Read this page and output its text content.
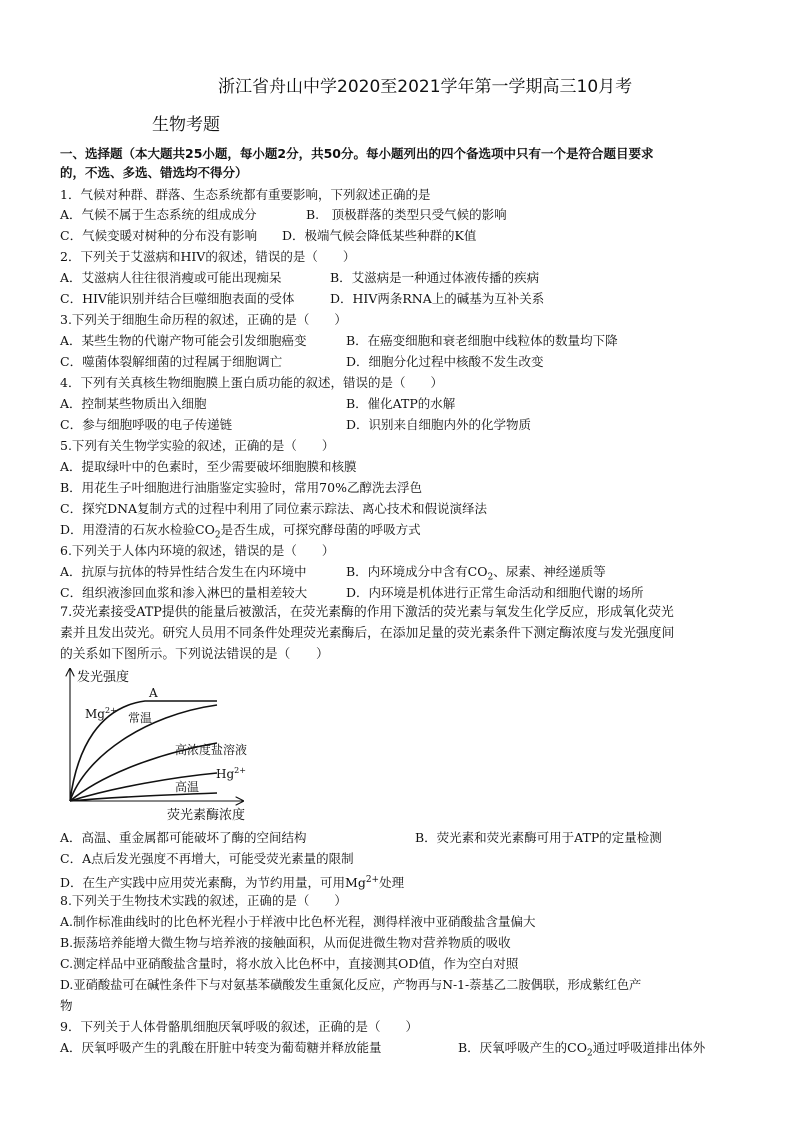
浙江省舟山中学2020至2021学年第一学期高三10月考
生物考题
一、选择题（本大题共25小题，每小题2分，共50分。每小题列出的四个备选项中只有一个是符合题目要求
的，不选、多选、错选均不得分）
1．气候对种群、群落、生态系统都有重要影响，下列叙述正确的是
A．气候不属于生态系统的组成成分	B.　顶极群落的类型只受气候的影响
C．气候变暖对树种的分布没有影响 D．极端气候会降低某些种群的K值
2．下列关于艾滋病和HIV的叙述，错误的是（　　）
A．艾滋病人往往很消瘦或可能出现痴呆	B．艾滋病是一种通过体液传播的疾病
C．HIV能识别并结合巨噬细胞表面的受体	D．HIV两条RNA上的碱基为互补关系
3.下列关于细胞生命历程的叙述，正确的是（　　）
A．某些生物的代谢产物可能会引发细胞癌变	B．在癌变细胞和衰老细胞中线粒体的数量均下降
C．噬菌体裂解细菌的过程属于细胞调亡	D．细胞分化过程中核酸不发生改变
4．下列有关真核生物细胞膜上蛋白质功能的叙述，错误的是（　　）
A．控制某些物质出入细胞	B．催化ATP的水解
C．参与细胞呼吸的电子传递链	D．识别来自细胞内外的化学物质
5.下列有关生物学实验的叙述，正确的是（　　）
A．提取绿叶中的色素时，至少需要破坏细胞膜和核膜
B．用花生子叶细胞进行油脂鉴定实验时，常用70%乙醇洗去浮色
C．探究DNA复制方式的过程中利用了同位素示踪法、离心技术和假说演绎法
D．用澄清的石灰水检验$CO_2$是否生成，可探究酵母菌的呼吸方式
6.下列关于人体内环境的叙述，错误的是（　　）
A．抗原与抗体的特异性结合发生在内环境中	B．内环境成分中含有$CO_2$、尿素、神经递质等
C．组织液渗回血浆和渗入淋巴的量相差较大	D．内环境是机体进行正常生命活动和细胞代谢的场所
7.荧光素接受ATP提供的能量后被激活，在荧光素酶的作用下激活的荧光素与氧发生化学反应，形成氧化荧光
素并且发出荧光。研究人员用不同条件处理荧光素酶后，在添加足量的荧光素条件下测定酶浓度与发光强度间
的关系如下图所示。下列说法错误的是（　　）
发光强度
荧光素酶浓度
A
$Mg^{2+}$
常温
高浓度盐溶液
$Hg^{2+}$
高温
A．高温、重金属都可能破坏了酶的空间结构	B．荧光素和荧光素酶可用于ATP的定量检测
C．A点后发光强度不再增大，可能受荧光素量的限制
D．在生产实践中应用荧光素酶，为节约用量，可用$Mg^{2+}$处理
8.下列关于生物技术实践的叙述，正确的是（　　）
A.制作标准曲线时的比色杯光程小于样液中比色杯光程，测得样液中亚硝酸盐含量偏大
B.振荡培养能增大微生物与培养液的接触面积，从而促进微生物对营养物质的吸收
C.测定样品中亚硝酸盐含量时，将水放入比色杯中，直接测其OD值，作为空白对照
D.亚硝酸盐可在碱性条件下与对氨基苯磺酸发生重氮化反应，产物再与N-1-萘基乙二胺偶联，形成紫红色产
物
9．下列关于人体骨骼肌细胞厌氧呼吸的叙述，正确的是（　　）
A．厌氧呼吸产生的乳酸在肝脏中转变为葡萄糖并释放能量	B．厌氧呼吸产生的$CO_2$通过呼吸道排出体外
